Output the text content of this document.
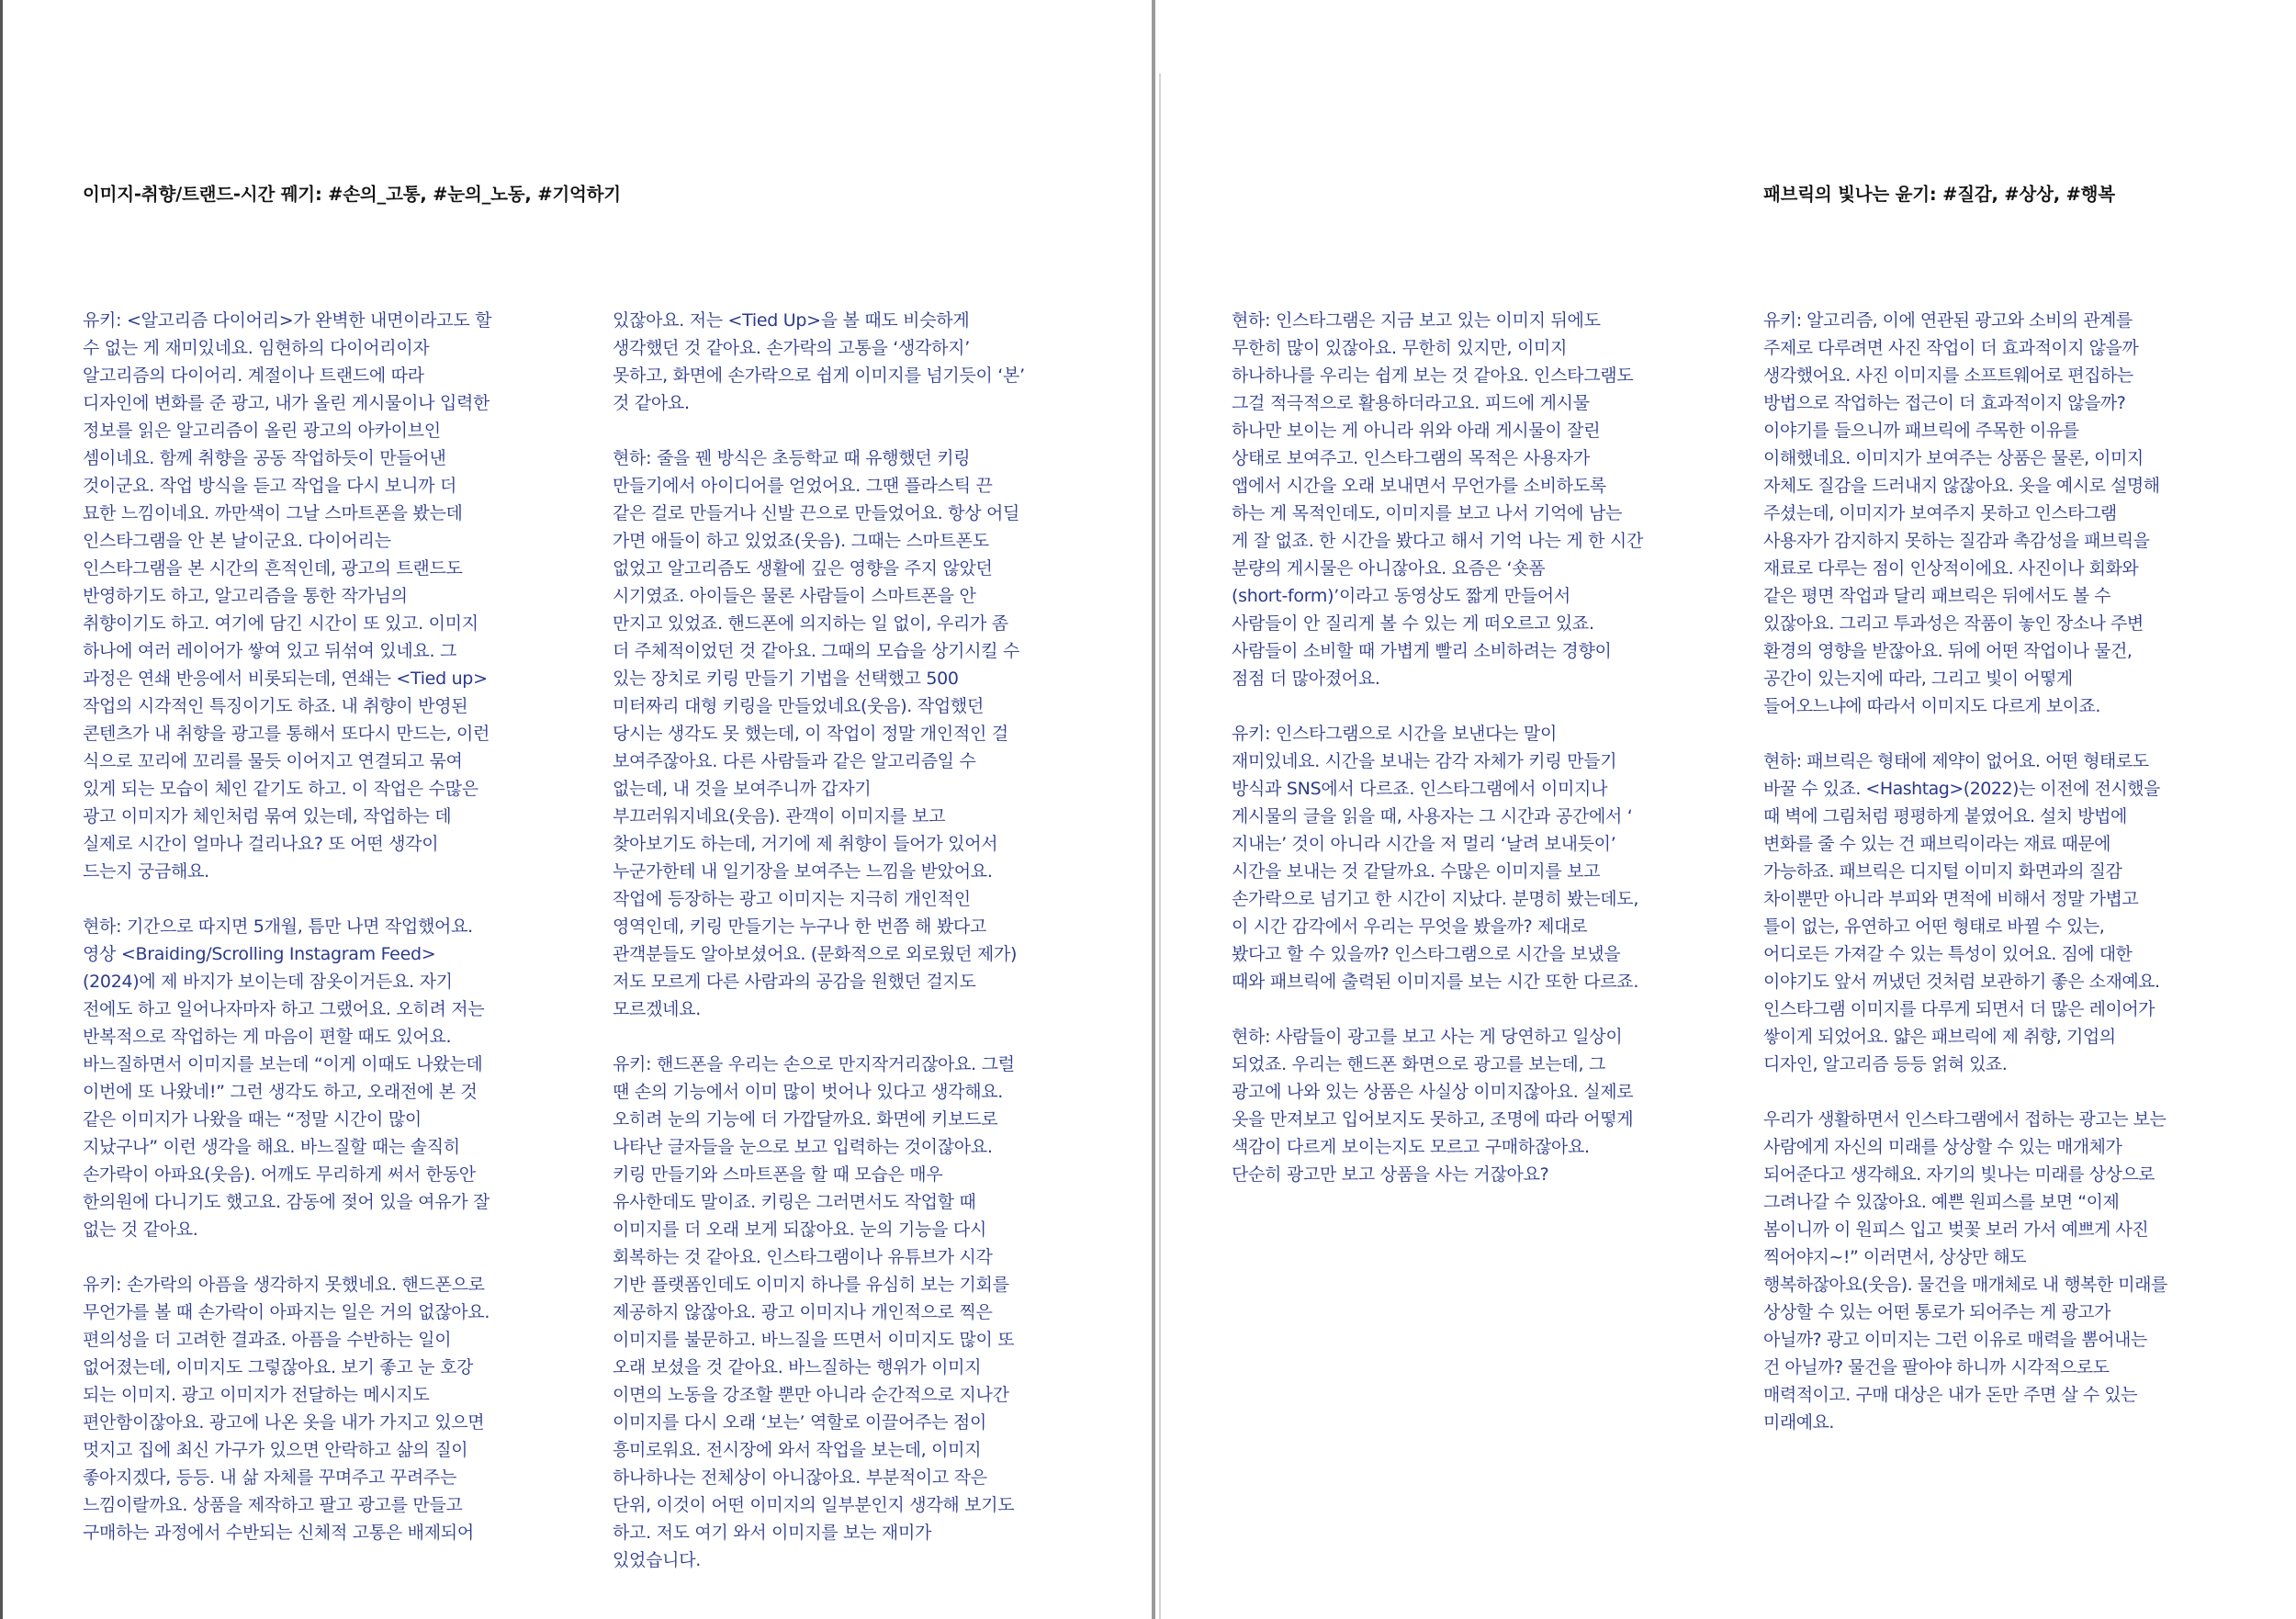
이미지-취향/트랜드-시간 꿰기: #손의_고통, #눈의_노동, #기억하기	패브릭의 빛나는 윤기: #질감, #상상, #행복

유키: <알고리즘 다이어리>가 완벽한 내면이라고도 할
수 없는 게 재미있네요. 임현하의 다이어리이자
알고리즘의 다이어리. 계절이나 트랜드에 따라
디자인에 변화를 준 광고, 내가 올린 게시물이나 입력한
정보를 읽은 알고리즘이 올린 광고의 아카이브인
셈이네요. 함께 취향을 공동 작업하듯이 만들어낸
것이군요. 작업 방식을 듣고 작업을 다시 보니까 더
묘한 느낌이네요. 까만색이 그날 스마트폰을 봤는데
인스타그램을 안 본 날이군요. 다이어리는
인스타그램을 본 시간의 흔적인데, 광고의 트랜드도
반영하기도 하고, 알고리즘을 통한 작가님의
취향이기도 하고. 여기에 담긴 시간이 또 있고. 이미지
하나에 여러 레이어가 쌓여 있고 뒤섞여 있네요. 그
과정은 연쇄 반응에서 비롯되는데, 연쇄는 <Tied up>
작업의 시각적인 특징이기도 하죠. 내 취향이 반영된
콘텐츠가 내 취향을 광고를 통해서 또다시 만드는, 이런
식으로 꼬리에 꼬리를 물듯 이어지고 연결되고 묶여
있게 되는 모습이 체인 같기도 하고. 이 작업은 수많은
광고 이미지가 체인처럼 묶여 있는데, 작업하는 데
실제로 시간이 얼마나 걸리나요? 또 어떤 생각이
드는지 궁금해요.

현하: 기간으로 따지면 5개월, 틈만 나면 작업했어요.
영상 <Braiding/Scrolling Instagram Feed>
(2024)에 제 바지가 보이는데 잠옷이거든요. 자기
전에도 하고 일어나자마자 하고 그랬어요. 오히려 저는
반복적으로 작업하는 게 마음이 편할 때도 있어요.
바느질하면서 이미지를 보는데 “이게 이때도 나왔는데
이번에 또 나왔네!” 그런 생각도 하고, 오래전에 본 것
같은 이미지가 나왔을 때는 “정말 시간이 많이
지났구나” 이런 생각을 해요. 바느질할 때는 솔직히
손가락이 아파요(웃음). 어깨도 무리하게 써서 한동안
한의원에 다니기도 했고요. 감동에 젖어 있을 여유가 잘
없는 것 같아요.

유키: 손가락의 아픔을 생각하지 못했네요. 핸드폰으로
무언가를 볼 때 손가락이 아파지는 일은 거의 없잖아요.
편의성을 더 고려한 결과죠. 아픔을 수반하는 일이
없어졌는데, 이미지도 그렇잖아요. 보기 좋고 눈 호강
되는 이미지. 광고 이미지가 전달하는 메시지도
편안함이잖아요. 광고에 나온 옷을 내가 가지고 있으면
멋지고 집에 최신 가구가 있으면 안락하고 삶의 질이
좋아지겠다, 등등. 내 삶 자체를 꾸며주고 꾸려주는
느낌이랄까요. 상품을 제작하고 팔고 광고를 만들고
구매하는 과정에서 수반되는 신체적 고통은 배제되어

있잖아요. 저는 <Tied Up>을 볼 때도 비슷하게
생각했던 것 같아요. 손가락의 고통을 ‘생각하지’
못하고, 화면에 손가락으로 쉽게 이미지를 넘기듯이 ‘본’
것 같아요.

현하: 줄을 꿴 방식은 초등학교 때 유행했던 키링
만들기에서 아이디어를 얻었어요. 그땐 플라스틱 끈
같은 걸로 만들거나 신발 끈으로 만들었어요. 항상 어딜
가면 애들이 하고 있었죠(웃음). 그때는 스마트폰도
없었고 알고리즘도 생활에 깊은 영향을 주지 않았던
시기였죠. 아이들은 물론 사람들이 스마트폰을 안
만지고 있었죠. 핸드폰에 의지하는 일 없이, 우리가 좀
더 주체적이었던 것 같아요. 그때의 모습을 상기시킬 수
있는 장치로 키링 만들기 기법을 선택했고 500
미터짜리 대형 키링을 만들었네요(웃음). 작업했던
당시는 생각도 못 했는데, 이 작업이 정말 개인적인 걸
보여주잖아요. 다른 사람들과 같은 알고리즘일 수
없는데, 내 것을 보여주니까 갑자기
부끄러워지네요(웃음). 관객이 이미지를 보고
찾아보기도 하는데, 거기에 제 취향이 들어가 있어서
누군가한테 내 일기장을 보여주는 느낌을 받았어요.
작업에 등장하는 광고 이미지는 지극히 개인적인
영역인데, 키링 만들기는 누구나 한 번쯤 해 봤다고
관객분들도 알아보셨어요. (문화적으로 외로웠던 제가)
저도 모르게 다른 사람과의 공감을 원했던 걸지도
모르겠네요.

유키: 핸드폰을 우리는 손으로 만지작거리잖아요. 그럴
땐 손의 기능에서 이미 많이 벗어나 있다고 생각해요.
오히려 눈의 기능에 더 가깝달까요. 화면에 키보드로
나타난 글자들을 눈으로 보고 입력하는 것이잖아요.
키링 만들기와 스마트폰을 할 때 모습은 매우
유사한데도 말이죠. 키링은 그러면서도 작업할 때
이미지를 더 오래 보게 되잖아요. 눈의 기능을 다시
회복하는 것 같아요. 인스타그램이나 유튜브가 시각
기반 플랫폼인데도 이미지 하나를 유심히 보는 기회를
제공하지 않잖아요. 광고 이미지나 개인적으로 찍은
이미지를 불문하고. 바느질을 뜨면서 이미지도 많이 또
오래 보셨을 것 같아요. 바느질하는 행위가 이미지
이면의 노동을 강조할 뿐만 아니라 순간적으로 지나간
이미지를 다시 오래 ‘보는’ 역할로 이끌어주는 점이
흥미로워요. 전시장에 와서 작업을 보는데, 이미지
하나하나는 전체상이 아니잖아요. 부분적이고 작은
단위, 이것이 어떤 이미지의 일부분인지 생각해 보기도
하고. 저도 여기 와서 이미지를 보는 재미가
있었습니다.

현하: 인스타그램은 지금 보고 있는 이미지 뒤에도
무한히 많이 있잖아요. 무한히 있지만, 이미지
하나하나를 우리는 쉽게 보는 것 같아요. 인스타그램도
그걸 적극적으로 활용하더라고요. 피드에 게시물
하나만 보이는 게 아니라 위와 아래 게시물이 잘린
상태로 보여주고. 인스타그램의 목적은 사용자가
앱에서 시간을 오래 보내면서 무언가를 소비하도록
하는 게 목적인데도, 이미지를 보고 나서 기억에 남는
게 잘 없죠. 한 시간을 봤다고 해서 기억 나는 게 한 시간
분량의 게시물은 아니잖아요. 요즘은 ‘숏폼
(short-form)’이라고 동영상도 짧게 만들어서
사람들이 안 질리게 볼 수 있는 게 떠오르고 있죠.
사람들이 소비할 때 가볍게 빨리 소비하려는 경향이
점점 더 많아졌어요.

유키: 인스타그램으로 시간을 보낸다는 말이
재미있네요. 시간을 보내는 감각 자체가 키링 만들기
방식과 SNS에서 다르죠. 인스타그램에서 이미지나
게시물의 글을 읽을 때, 사용자는 그 시간과 공간에서 ‘
지내는’ 것이 아니라 시간을 저 멀리 ‘날려 보내듯이’
시간을 보내는 것 같달까요. 수많은 이미지를 보고
손가락으로 넘기고 한 시간이 지났다. 분명히 봤는데도,
이 시간 감각에서 우리는 무엇을 봤을까? 제대로
봤다고 할 수 있을까? 인스타그램으로 시간을 보냈을
때와 패브릭에 출력된 이미지를 보는 시간 또한 다르죠.

현하: 사람들이 광고를 보고 사는 게 당연하고 일상이
되었죠. 우리는 핸드폰 화면으로 광고를 보는데, 그
광고에 나와 있는 상품은 사실상 이미지잖아요. 실제로
옷을 만져보고 입어보지도 못하고, 조명에 따라 어떻게
색감이 다르게 보이는지도 모르고 구매하잖아요.
단순히 광고만 보고 상품을 사는 거잖아요?

유키: 알고리즘, 이에 연관된 광고와 소비의 관계를
주제로 다루려면 사진 작업이 더 효과적이지 않을까
생각했어요. 사진 이미지를 소프트웨어로 편집하는
방법으로 작업하는 접근이 더 효과적이지 않을까?
이야기를 들으니까 패브릭에 주목한 이유를
이해했네요. 이미지가 보여주는 상품은 물론, 이미지
자체도 질감을 드러내지 않잖아요. 옷을 예시로 설명해
주셨는데, 이미지가 보여주지 못하고 인스타그램
사용자가 감지하지 못하는 질감과 촉감성을 패브릭을
재료로 다루는 점이 인상적이에요. 사진이나 회화와
같은 평면 작업과 달리 패브릭은 뒤에서도 볼 수
있잖아요. 그리고 투과성은 작품이 놓인 장소나 주변
환경의 영향을 받잖아요. 뒤에 어떤 작업이나 물건,
공간이 있는지에 따라, 그리고 빛이 어떻게
들어오느냐에 따라서 이미지도 다르게 보이죠.

현하: 패브릭은 형태에 제약이 없어요. 어떤 형태로도
바꿀 수 있죠. <Hashtag>(2022)는 이전에 전시했을
때 벽에 그림처럼 평평하게 붙였어요. 설치 방법에
변화를 줄 수 있는 건 패브릭이라는 재료 때문에
가능하죠. 패브릭은 디지털 이미지 화면과의 질감
차이뿐만 아니라 부피와 면적에 비해서 정말 가볍고
틀이 없는, 유연하고 어떤 형태로 바뀔 수 있는,
어디로든 가져갈 수 있는 특성이 있어요. 짐에 대한
이야기도 앞서 꺼냈던 것처럼 보관하기 좋은 소재예요.
인스타그램 이미지를 다루게 되면서 더 많은 레이어가
쌓이게 되었어요. 얇은 패브릭에 제 취향, 기업의
디자인, 알고리즘 등등 얽혀 있죠.

우리가 생활하면서 인스타그램에서 접하는 광고는 보는
사람에게 자신의 미래를 상상할 수 있는 매개체가
되어준다고 생각해요. 자기의 빛나는 미래를 상상으로
그려나갈 수 있잖아요. 예쁜 원피스를 보면 “이제
봄이니까 이 원피스 입고 벚꽃 보러 가서 예쁘게 사진
찍어야지~!” 이러면서, 상상만 해도
행복하잖아요(웃음). 물건을 매개체로 내 행복한 미래를
상상할 수 있는 어떤 통로가 되어주는 게 광고가
아닐까? 광고 이미지는 그런 이유로 매력을 뽐어내는
건 아닐까? 물건을 팔아야 하니까 시각적으로도
매력적이고. 구매 대상은 내가 돈만 주면 살 수 있는
미래예요.
